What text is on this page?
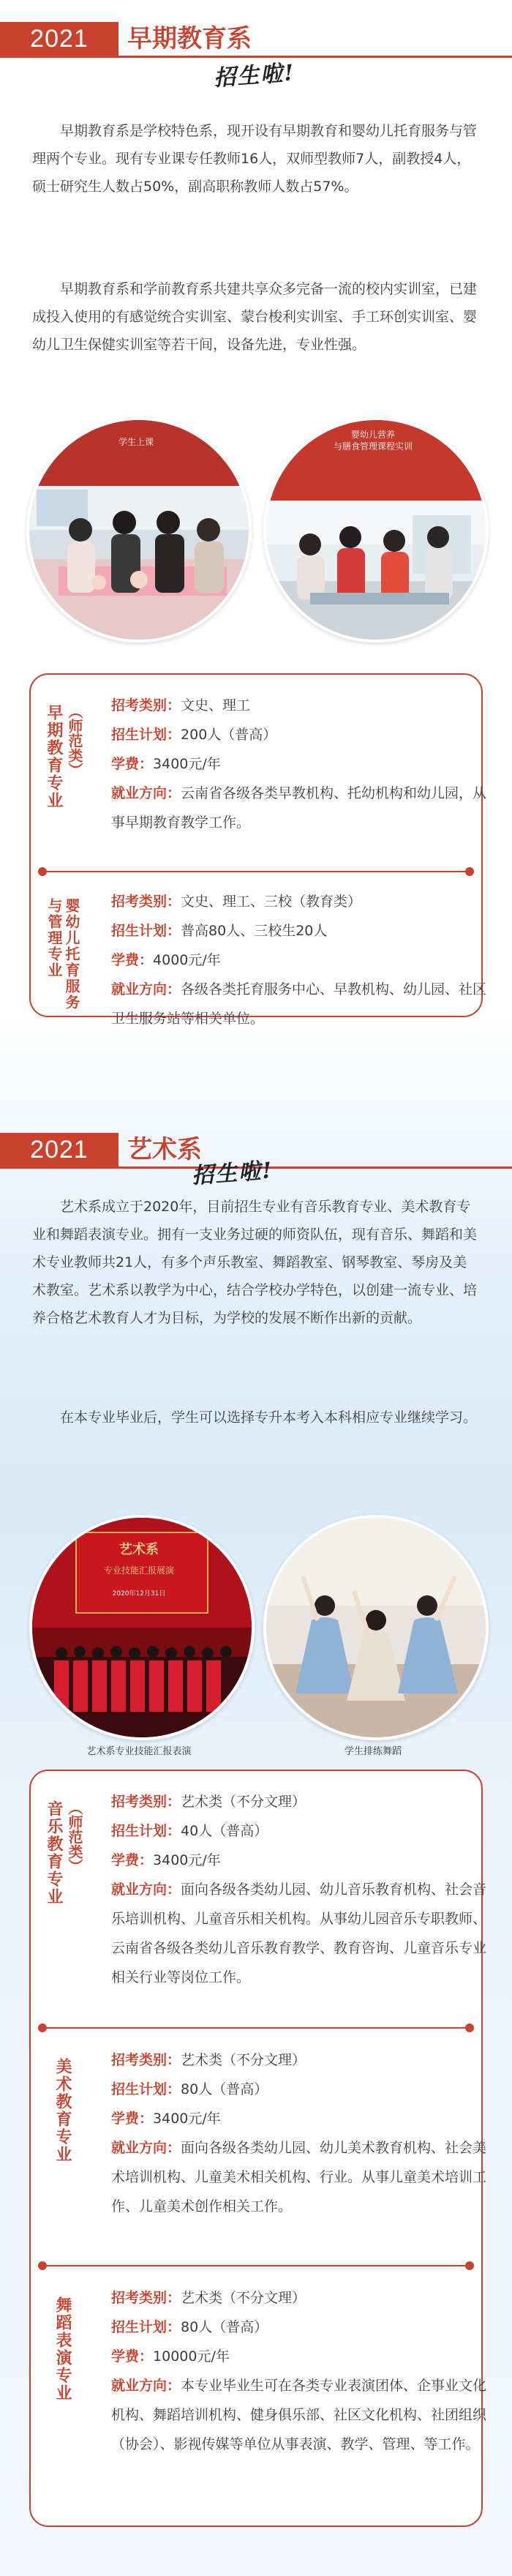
2021	早期教育系
招生啦!

早期教育系是学校特色系，现开设有早期教育和婴幼儿托育服务与管理两个专业。现有专业课专任教师16人，双师型教师7人，副教授4人，硕士研究生人数占50%，副高职称教师人数占57%。

早期教育系和学前教育系共建共享众多完备一流的校内实训室，已建成投入使用的有感觉统合实训室、蒙台梭利实训室、手工环创实训室、婴幼儿卫生保健实训室等若干间，设备先进，专业性强。

学生上课
婴幼儿营养
与膳食管理课程实训
早期教育专业 （师范类） 招考类别： 文史、理工
招生计划： 200人（普高）
学费： 3400元/年
就业方向：云南省各级各类早教机构、托幼机构和幼儿园，从事早期教育教学工作。
婴幼儿托育服务与管理专业	招考类别： 文史、理工、三校（教育类）
招生计划： 普高80人、三校生20人
学费： 4000元/年
就业方向：各级各类托育服务中心、早教机构、幼儿园、社区卫生服务站等相关单位。
2021	艺术系
招生啦!

艺术系成立于2020年，目前招生专业有音乐教育专业、美术教育专业和舞蹈表演专业。拥有一支业务过硬的师资队伍，现有音乐、舞蹈和美术专业教师共21人，有多个声乐教室、舞蹈教室、钢琴教室、琴房及美术教室。艺术系以教学为中心，结合学校办学特色，以创建一流专业、培养合格艺术教育人才为目标，为学校的发展不断作出新的贡献。

在本专业毕业后，学生可以选择专升本考入本科相应专业继续学习。

艺术系
专业技能汇报展演
2020年12月31日
艺术系专业技能汇报表演	学生排练舞蹈
音乐教育专业 （师范类） 招考类别： 艺术类（不分文理）
招生计划： 40人（普高）
学费： 3400元/年
就业方向：面向各级各类幼儿园、幼儿音乐教育机构、社会音乐培训机构、儿童音乐相关机构。从事幼儿园音乐专职教师、云南省各级各类幼儿音乐教育教学、教育咨询、儿童音乐专业相关行业等岗位工作。
美术教育专业	招考类别： 艺术类（不分文理）
招生计划： 80人（普高）
学费： 3400元/年
就业方向：面向各级各类幼儿园、幼儿美术教育机构、社会美术培训机构、儿童美术相关机构、行业。从事儿童美术培训工作、儿童美术创作相关工作。
舞蹈表演专业	招考类别： 艺术类（不分文理）
招生计划： 80人（普高）
学费： 10000元/年
就业方向：本专业毕业生可在各类专业表演团体、企事业文化机构、舞蹈培训机构、健身俱乐部、社区文化机构、社团组织（协会）、影视传媒等单位从事表演、教学、管理、等工作。
